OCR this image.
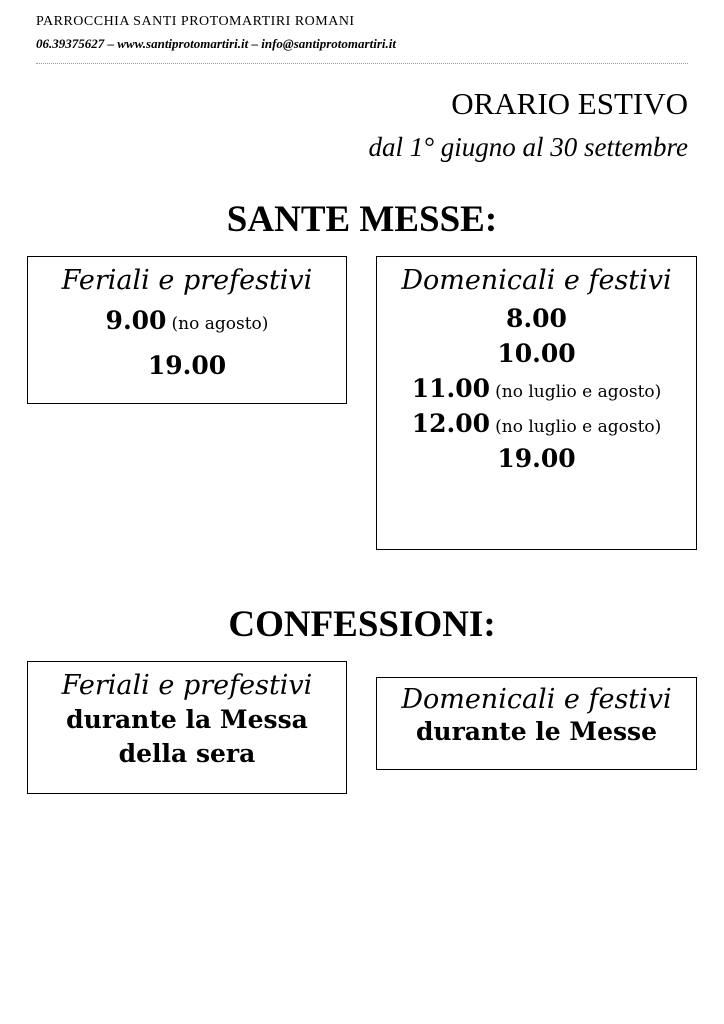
PARROCCHIA SANTI PROTOMARTIRI ROMANI
06.39375627 – www.santiprotomartiri.it – info@santiprotomartiri.it
ORARIO ESTIVO
dal 1° giugno al 30 settembre
SANTE MESSE:
Feriali e prefestivi
9.00 (no agosto)
19.00
Domenicali e festivi
8.00
10.00
11.00 (no luglio e agosto)
12.00 (no luglio e agosto)
19.00
CONFESSIONI:
Feriali e prefestivi
durante la Messa
della sera
Domenicali e festivi
durante le Messe
